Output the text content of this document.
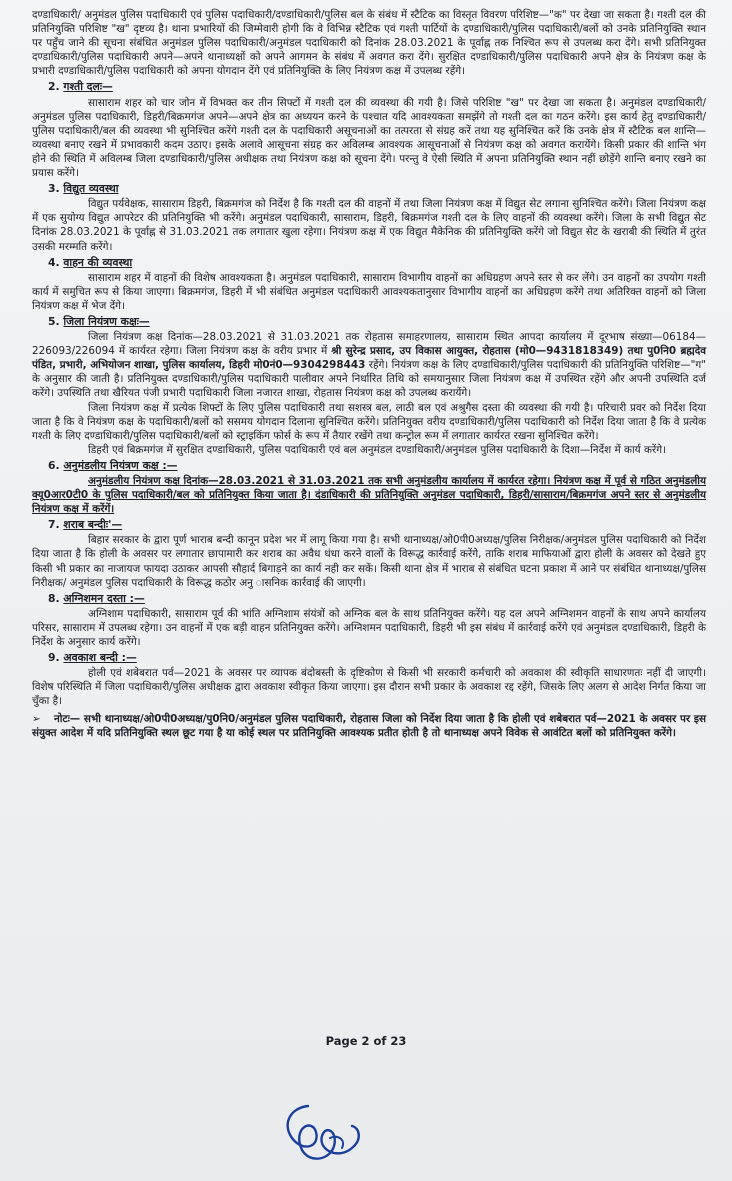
दण्डाधिकारी/ अनुमंडल पुलिस पदाधिकारी एवं पुलिस पदाधिकारी/दण्डाधिकारी/पुलिस बल के संबंध में स्टैटिक का विस्तृत विवरण परिशिष्ट—"क" पर देखा जा सकता है। गश्ती दल की प्रतिनियुक्ति परिशिष्ट "ख" दृष्टव्य है। थाना प्रभारियों की जिम्मेवारी होगी कि वे विभिन्न स्टैटिक एवं गश्ती पार्टियों के दण्डाधिकारी/पुलिस पदाधिकारी/बलों को उनके प्रतिनियुक्ति स्थान पर पहुँच जाने की सूचना संबंधित अनुमंडल पुलिस पदाधिकारी/अनुमंडल पदाधिकारी को दिनांक 28.03.2021 के पूर्वाह्न तक निश्चित रूप से उपलब्ध करा देंगे। सभी प्रतिनियुक्त दण्डाधिकारी/पुलिस पदाधिकारी अपने—अपने थानाध्यक्षों को अपने आगमन के संबंध में अवगत करा देंगे। सुरक्षित दण्डाधिकारी/पुलिस पदाधिकारी अपने क्षेत्र के नियंत्रण कक्ष के प्रभारी दण्डाधिकारी/पुलिस पदाधिकारी को अपना योगदान देंगे एवं प्रतिनियुक्ति के लिए नियंत्रण कक्ष में उपलब्ध रहेंगे।

2. गश्ती दलः—

सासाराम शहर को चार जोन में विभक्त कर तीन सिफ्टों में गश्ती दल की व्यवस्था की गयी है। जिसे परिशिष्ट "ख" पर देखा जा सकता है। अनुमंडल दण्डाधिकारी/अनुमंडल पुलिस पदाधिकारी, डिहरी/बिक्रमगंज अपने—अपने क्षेत्र का अध्ययन करने के पश्चात यदि आवश्यकता समझेंगे तो गश्ती दल का गठन करेंगे। इस कार्य हेतु दण्डाधिकारी/पुलिस पदाधिकारी/बल की व्यवस्था भी सुनिश्चित करेंगे गश्ती दल के पदाधिकारी असूचनाओं का तत्परता से संग्रह करें तथा यह सुनिश्चित करें कि उनके क्षेत्र में स्टैटिक बल शान्ति—व्यवस्था बनाए रखने में प्रभावकारी कदम उठाए। इसके अलावे आसूचना संग्रह कर अविलम्ब आवश्यक आसूचनाओं से नियंत्रण कक्ष को अवगत करायेंगे। किसी प्रकार की शान्ति भंग होने की स्थिति में अविलम्ब जिला दण्डाधिकारी/पुलिस अधीक्षक तथा नियंत्रण कक्ष को सूचना देंगे। परन्तु वे ऐसी स्थिति में अपना प्रतिनियुक्ति स्थान नहीं छोड़ेंगे शान्ति बनाए रखने का प्रयास करेंगे।

3. विद्युत व्यवस्था

विद्युत पर्यवेक्षक, सासाराम डिहरी, बिक्रमगंज को निर्देश है कि गश्ती दल की वाहनों में तथा जिला नियंत्रण कक्ष में विद्युत सेट लगाना सुनिश्चित करेंगे। जिला नियंत्रण कक्ष में एक सुयोग्य विद्युत आपरेटर की प्रतिनियुक्ति भी करेंगे। अनुमंडल पदाधिकारी, सासाराम, डिहरी, बिक्रमगंज गश्ती दल के लिए वाहनों की व्यवस्था करेंगे। जिला के सभी विद्युत सेट दिनांक 28.03.2021 के पूर्वाह्न से 31.03.2021 तक लगातार खुला रहेगा। नियंत्रण कक्ष में एक विद्युत मैकेनिक की प्रतिनियुक्ति करेंगे जो विद्युत सेट के खराबी की स्थिति में तुरंत उसकी मरम्मति करेंगे।

4. वाहन की व्यवस्था

सासाराम शहर में वाहनों की विशेष आवश्यकता है। अनुमंडल पदाधिकारी, सासाराम विभागीय वाहनों का अधिग्रहण अपने स्तर से कर लेंगे। उन वाहनों का उपयोग गश्ती कार्य में समुचित रूप से किया जाएगा। बिक्रमगंज, डिहरी में भी संबंधित अनुमंडल पदाधिकारी आवश्यकतानुसार विभागीय वाहनों का अधिग्रहण करेंगे तथा अतिरिक्त वाहनों को जिला नियंत्रण कक्ष में भेज देंगे।

5. जिला नियंत्रण कक्षः—

जिला नियंत्रण कक्ष दिनांक—28.03.2021 से 31.03.2021 तक रोहतास समाहरणालय, सासाराम स्थित आपदा कार्यालय में दूरभाष संख्या—06184—226093/226094 में कार्यरत रहेगा। जिला नियंत्रण कक्ष के वरीय प्रभार में श्री सुरेन्द्र प्रसाद, उप विकास आयुक्त, रोहतास (मो0—9431818349) तथा पु0नि0 ब्रह्मदेव पंडित, प्रभारी, अभियोजन शाखा, पुलिस कार्यालय, डिहरी मो0नं0—9304298443 रहेंगे। नियंत्रण कक्ष के लिए दण्डाधिकारी/पुलिस पदाधिकारी की प्रतिनियुक्ति परिशिष्ट—"ग" के अनुसार की जाती है। प्रतिनियुक्त दण्डाधिकारी/पुलिस पदाधिकारी पालीवार अपने निर्धारित तिथि को समयानुसार जिला नियंत्रण कक्ष में उपस्थित रहेंगे और अपनी उपस्थिति दर्ज करेंगे। उपस्थिति तथा खैरियत पंजी प्रभारी पदाधिकारी जिला नजारत शाखा, रोहतास नियंत्रण कक्ष को उपलब्ध करायेंगे।

जिला नियंत्रण कक्ष में प्रत्येक शिफ्टों के लिए पुलिस पदाधिकारी तथा सशस्त्र बल, लाठी बल एवं अश्रुगैस दस्ता की व्यवस्था की गयी है। परिचारी प्रवर को निर्देश दिया जाता है कि वे नियंत्रण कक्ष के पदाधिकारी/बलों को ससमय योगदान दिलाना सुनिश्चित करेंगे। प्रतिनियुक्त वरीय दण्डाधिकारी/पुलिस पदाधिकारी को निर्देश दिया जाता है कि वे प्रत्येक गश्ती के लिए दण्डाधिकारी/पुलिस पदाधिकारी/बलों को स्ट्राइकिंग फोर्स के रूप में तैयार रखेंगे तथा कन्ट्रोल रूम में लगातार कार्यरत रखना सुनिश्चित करेंगे।

डिहरी एवं बिक्रमगंज में सुरक्षित दण्डाधिकारी, पुलिस पदाधिकारी एवं बल अनुमंडल दण्डाधिकारी/अनुमंडल पुलिस पदाधिकारी के दिशा—निर्देश में कार्य करेंगे।

6. अनुमंडलीय नियंत्रण कक्ष :—

अनुमंडलीय नियंत्रण कक्ष दिनांक—28.03.2021 से 31.03.2021 तक सभी अनुमंडलीय कार्यालय में कार्यरत रहेगा। नियंत्रण कक्ष में पूर्व से गठित अनुमंडलीय क्यू0आर0टी0 के पुलिस पदाधिकारी/बल को प्रतिनियुक्त किया जाता है। दंडाधिकारी की प्रतिनियुक्ति अनुमंडल पदाधिकारी, डिहरी/सासाराम/बिक्रमगंज अपने स्तर से अनुमंडलीय नियंत्रण कक्ष में करेंगें।

7. शराब बन्दीः'—

बिहार सरकार के द्वारा पूर्ण भाराब बन्दी कानून प्रदेश भर में लागू किया गया है। सभी थानाध्यक्ष/ओ0पी0अध्यक्ष/पुलिस निरीक्षक/अनुमंडल पुलिस पदाधिकारी को निर्देश दिया जाता है कि होली के अवसर पर लगातार छापामारी कर शराब का अवैध धंधा करने वालों के विरूद्ध कार्रवाई करेंगे, ताकि शराब माफियाओं द्वारा होली के अवसर को देखते हुए किसी भी प्रकार का नाजायज फायदा उठाकर आपसी सौहार्द बिगाड़ने का कार्य नही कर सकें। किसी थाना क्षेत्र में भाराब से संबंधित घटना प्रकाश में आने पर संबंधित थानाध्यक्ष/पुलिस निरीक्षक/ अनुमंडल पुलिस पदाधिकारी के विरूद्ध कठोर अनु ासनिक कार्रवाई की जाएगी।

8. अग्निशमन दस्ता :—

अग्निशाम पदाधिकारी, सासाराम पूर्व की भांति अग्निशाम संयंत्रों को अग्निक बल के साथ प्रतिनियुक्त करेंगे। यह दल अपने अग्निशमन वाहनों के साथ अपने कार्यालय परिसर, सासाराम में उपलब्ध रहेगा। उन वाहनों में एक बड़ी वाहन प्रतिनियुक्त करेंगे। अग्निशमन पदाधिकारी, डिहरी भी इस संबंध में कार्रवाई करेंगे एवं अनुमंडल दण्डाधिकारी, डिहरी के निर्देश के अनुसार कार्य करेंगे।

9. अवकाश बन्दी :—

होली एवं शबेबरात पर्व—2021 के अवसर पर व्यापक बंदोबस्ती के दृष्टिकोण से किसी भी सरकारी कर्मचारी को अवकाश की स्वीकृति साधारणतः नहीं दी जाएगी। विशेष परिस्थिति में जिला पदाधिकारी/पुलिस अधीक्षक द्वारा अवकाश स्वीकृत किया जाएगा। इस दौरान सभी प्रकार के अवकाश रद्द रहेंगे, जिसके लिए अलग से आदेश निर्गत किया जा चुँका है।

➢ नोटः— सभी थानाध्यक्ष/ओ0पी0अध्यक्ष/पु0नि0/अनुमंडल पुलिस पदाधिकारी, रोहतास जिला को निर्देश दिया जाता है कि होली एवं शबेबरात पर्व—2021 के अवसर पर इस संयुक्त आदेश में यदि प्रतिनियुक्ति स्थल छूट गया है या कोई स्थल पर प्रतिनियुक्ति आवश्यक प्रतीत होती है तो थानाध्यक्ष अपने विवेक से आवंटित बलों को प्रतिनियुक्त करेंगे।

Page 2 of 23
